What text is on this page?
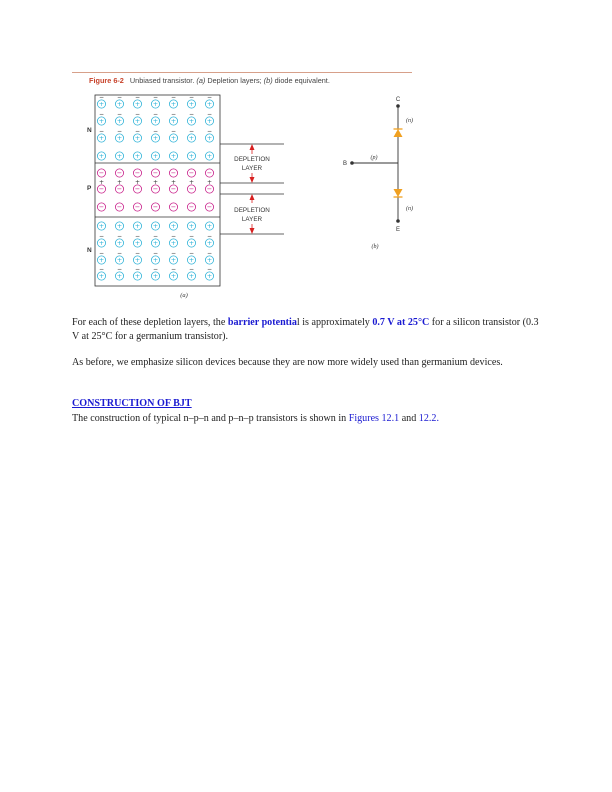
Figure 6-2 Unbiased transistor. (a) Depletion layers; (b) diode equivalent.
+
−
+
−
+
−
+
−
+
−
+
−
+
−
+
−
+
−
+
−
+
−
+
−
+
−
+
−
+
−
+
−
+
−
+
−
+
−
+
−
+
−
+ + + + + + +
− − − − − − −
−
+
−
+
−
+
−
+
−
+
−
+
−
+
− − − − − − −
+ + + + + + +
+
−
+
−
+
−
+
−
+
−
+
−
+
−
+
−
+
−
+
−
+
−
+
−
+
−
+
−
+
−
+
−
+
−
+
−
+
−
+
−
+
−
N
P
N
DEPLETION
LAYER
DEPLETION
LAYER
(a)
C
E
B
(p)
(n)
(n)
(b)
For each of these depletion layers, the barrier potential is approximately 0.7 V at 25°C for a silicon transistor (0.3 V at 25°C for a germanium transistor).
As before, we emphasize silicon devices because they are now more widely used than germanium devices.
CONSTRUCTION OF BJT
The construction of typical n–p–n and p–n–p transistors is shown in Figures 12.1 and 12.2.
